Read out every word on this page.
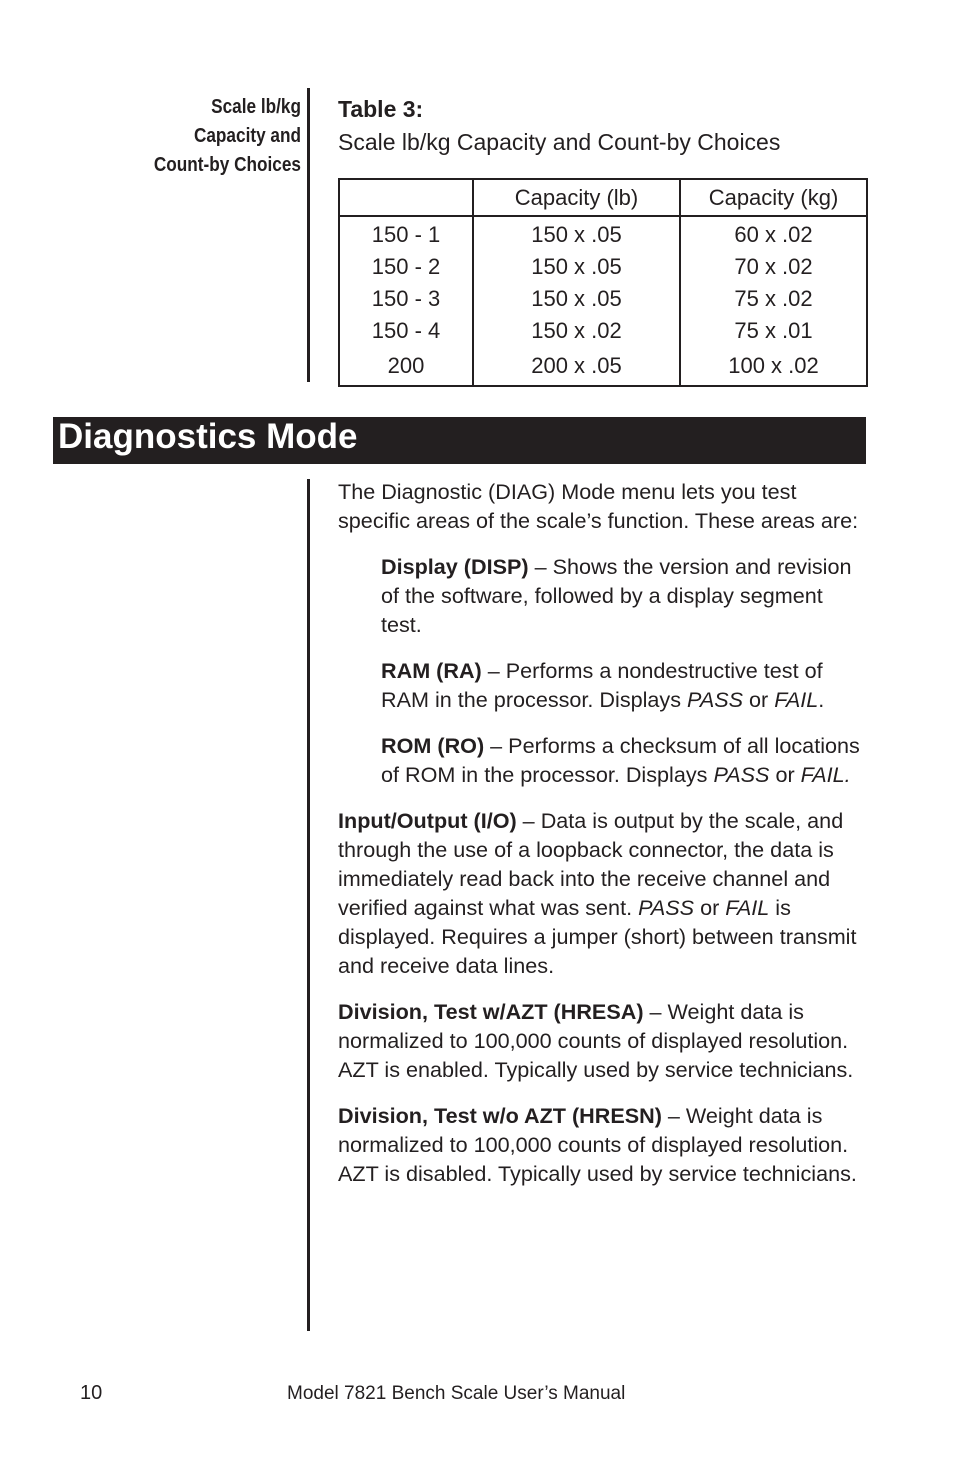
Scale lb/kg
Capacity and
Count-by Choices
Table 3:
Scale lb/kg Capacity and Count-by Choices
	Capacity (lb)	Capacity (kg)
150 - 1	150 x .05	60 x .02
150 - 2	150 x .05	70 x .02
150 - 3	150 x .05	75 x .02
150 - 4	150 x .02	75 x .01
200	200 x .05	100 x .02
Diagnostics Mode

The Diagnostic (DIAG) Mode menu lets you test specific areas of the scale’s function. These areas are:

Display (DISP) – Shows the version and revision of the software, followed by a display segment test.

RAM (RA) – Performs a nondestructive test of RAM in the processor. Displays PASS or FAIL.

ROM (RO) – Performs a checksum of all locations of ROM in the processor. Displays PASS or FAIL.

Input/Output (I/O) – Data is output by the scale, and through the use of a loopback connector, the data is immediately read back into the receive channel and verified against what was sent. PASS or FAIL is displayed. Requires a jumper (short) between transmit and receive data lines.

Division, Test w/AZT (HRESA) – Weight data is normalized to 100,000 counts of displayed resolution. AZT is enabled. Typically used by service technicians.

Division, Test w/o AZT (HRESN) – Weight data is normalized to 100,000 counts of displayed resolution. AZT is disabled. Typically used by service technicians.

10	Model 7821 Bench Scale User’s Manual
